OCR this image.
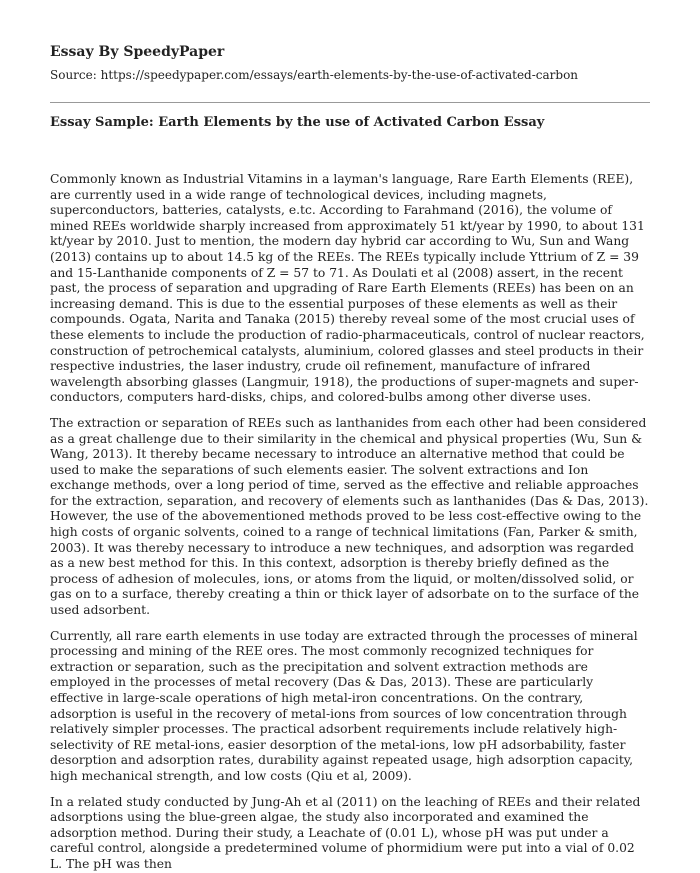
Essay By SpeedyPaper
Source: https://speedypaper.com/essays/earth-elements-by-the-use-of-activated-carbon
Essay Sample: Earth Elements by the use of Activated Carbon Essay

Commonly known as Industrial Vitamins in a layman's language, Rare Earth Elements (REE), are currently used in a wide range of technological devices, including magnets, superconductors, batteries, catalysts, e.tc. According to Farahmand (2016), the volume of mined REEs worldwide sharply increased from approximately 51 kt/year by 1990, to about 131 kt/year by 2010. Just to mention, the modern day hybrid car according to Wu, Sun and Wang (2013) contains up to about 14.5 kg of the REEs. The REEs typically include Yttrium of Z = 39 and 15-Lanthanide components of Z = 57 to 71. As Doulati et al (2008) assert, in the recent past, the process of separation and upgrading of Rare Earth Elements (REEs) has been on an increasing demand. This is due to the essential purposes of these elements as well as their compounds. Ogata, Narita and Tanaka (2015) thereby reveal some of the most crucial uses of these elements to include the production of radio-pharmaceuticals, control of nuclear reactors, construction of petrochemical catalysts, aluminium, colored glasses and steel products in their respective industries, the laser industry, crude oil refinement, manufacture of infrared wavelength absorbing glasses (Langmuir, 1918), the productions of super-magnets and super-conductors, computers hard-disks, chips, and colored-bulbs among other diverse uses.

The extraction or separation of REEs such as lanthanides from each other had been considered as a great challenge due to their similarity in the chemical and physical properties (Wu, Sun & Wang, 2013). It thereby became necessary to introduce an alternative method that could be used to make the separations of such elements easier. The solvent extractions and Ion exchange methods, over a long period of time, served as the effective and reliable approaches for the extraction, separation, and recovery of elements such as lanthanides (Das & Das, 2013). However, the use of the abovementioned methods proved to be less cost-effective owing to the high costs of organic solvents, coined to a range of technical limitations (Fan, Parker & smith, 2003). It was thereby necessary to introduce a new techniques, and adsorption was regarded as a new best method for this. In this context, adsorption is thereby briefly defined as the process of adhesion of molecules, ions, or atoms from the liquid, or molten/dissolved solid, or gas on to a surface, thereby creating a thin or thick layer of adsorbate on to the surface of the used adsorbent.

Currently, all rare earth elements in use today are extracted through the processes of mineral processing and mining of the REE ores. The most commonly recognized techniques for extraction or separation, such as the precipitation and solvent extraction methods are employed in the processes of metal recovery (Das & Das, 2013). These are particularly effective in large-scale operations of high metal-iron concentrations. On the contrary, adsorption is useful in the recovery of metal-ions from sources of low concentration through relatively simpler processes. The practical adsorbent requirements include relatively high-selectivity of RE metal-ions, easier desorption of the metal-ions, low pH adsorbability, faster desorption and adsorption rates, durability against repeated usage, high adsorption capacity, high mechanical strength, and low costs (Qiu et al, 2009).

In a related study conducted by Jung-Ah et al (2011) on the leaching of REEs and their related adsorptions using the blue-green algae, the study also incorporated and examined the adsorption method. During their study, a Leachate of (0.01 L), whose pH was put under a careful control, alongside a predetermined volume of phormidium were put into a vial of 0.02 L. The pH was then
